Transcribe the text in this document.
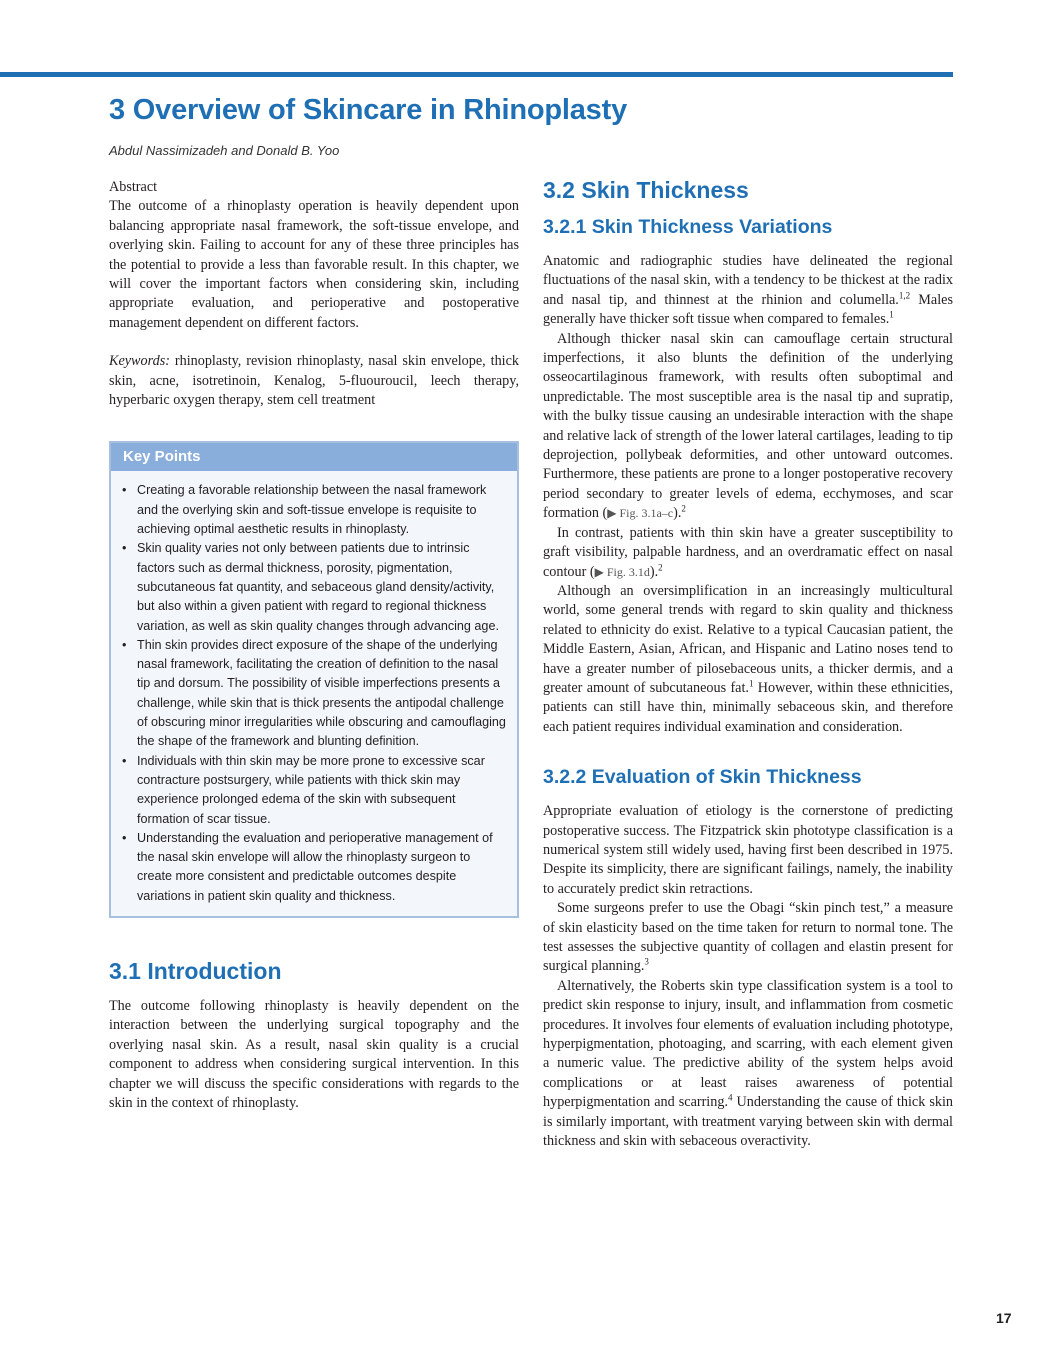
3 Overview of Skincare in Rhinoplasty
Abdul Nassimizadeh and Donald B. Yoo

Abstract

The outcome of a rhinoplasty operation is heavily dependent upon balancing appropriate nasal framework, the soft-tissue envelope, and overlying skin. Failing to account for any of these three principles has the potential to provide a less than favorable result. In this chapter, we will cover the important factors when considering skin, including appropriate evaluation, and perioperative and postoperative management dependent on different factors.

Keywords: rhinoplasty, revision rhinoplasty, nasal skin envelope, thick skin, acne, isotretinoin, Kenalog, 5-fluouroucil, leech therapy, hyperbaric oxygen therapy, stem cell treatment

Key Points
• Creating a favorable relationship between the nasal framework and the overlying skin and soft-tissue envelope is requisite to achieving optimal aesthetic results in rhinoplasty.
• Skin quality varies not only between patients due to intrinsic factors such as dermal thickness, porosity, pigmentation, subcutaneous fat quantity, and sebaceous gland density/activity, but also within a given patient with regard to regional thickness variation, as well as skin quality changes through advancing age.
• Thin skin provides direct exposure of the shape of the underlying nasal framework, facilitating the creation of definition to the nasal tip and dorsum. The possibility of visible imperfections presents a challenge, while skin that is thick presents the antipodal challenge of obscuring minor irregularities while obscuring and camouflaging the shape of the framework and blunting definition.
• Individuals with thin skin may be more prone to excessive scar contracture postsurgery, while patients with thick skin may experience prolonged edema of the skin with subsequent formation of scar tissue.
• Understanding the evaluation and perioperative management of the nasal skin envelope will allow the rhinoplasty surgeon to create more consistent and predictable outcomes despite variations in patient skin quality and thickness.
3.1 Introduction

The outcome following rhinoplasty is heavily dependent on the interaction between the underlying surgical topography and the overlying nasal skin. As a result, nasal skin quality is a crucial component to address when considering surgical intervention. In this chapter we will discuss the specific considerations with regards to the skin in the context of rhinoplasty.

3.2 Skin Thickness
3.2.1 Skin Thickness Variations

Anatomic and radiographic studies have delineated the regional fluctuations of the nasal skin, with a tendency to be thickest at the radix and nasal tip, and thinnest at the rhinion and columella.$^{1,2}$ Males generally have thicker soft tissue when compared to females.$^1$

Although thicker nasal skin can camouflage certain structural imperfections, it also blunts the definition of the underlying osseocartilaginous framework, with results often suboptimal and unpredictable. The most susceptible area is the nasal tip and supratip, with the bulky tissue causing an undesirable interaction with the shape and relative lack of strength of the lower lateral cartilages, leading to tip deprojection, pollybeak deformities, and other untoward outcomes. Furthermore, these patients are prone to a longer postoperative recovery period secondary to greater levels of edema, ecchymoses, and scar formation (▶ Fig. 3.1a–c).$^2$

In contrast, patients with thin skin have a greater susceptibility to graft visibility, palpable hardness, and an overdramatic effect on nasal contour (▶ Fig. 3.1d).$^2$

Although an oversimplification in an increasingly multicultural world, some general trends with regard to skin quality and thickness related to ethnicity do exist. Relative to a typical Caucasian patient, the Middle Eastern, Asian, African, and Hispanic and Latino noses tend to have a greater number of pilosebaceous units, a thicker dermis, and a greater amount of subcutaneous fat.$^1$ However, within these ethnicities, patients can still have thin, minimally sebaceous skin, and therefore each patient requires individual examination and consideration.

3.2.2 Evaluation of Skin Thickness

Appropriate evaluation of etiology is the cornerstone of predicting postoperative success. The Fitzpatrick skin phototype classification is a numerical system still widely used, having first been described in 1975. Despite its simplicity, there are significant failings, namely, the inability to accurately predict skin retractions.

Some surgeons prefer to use the Obagi “skin pinch test,” a measure of skin elasticity based on the time taken for return to normal tone. The test assesses the subjective quantity of collagen and elastin present for surgical planning.$^3$

Alternatively, the Roberts skin type classification system is a tool to predict skin response to injury, insult, and inflammation from cosmetic procedures. It involves four elements of evaluation including phototype, hyperpigmentation, photoaging, and scarring, with each element given a numeric value. The predictive ability of the system helps avoid complications or at least raises awareness of potential hyperpigmentation and scarring.$^4$ Understanding the cause of thick skin is similarly important, with treatment varying between skin with dermal thickness and skin with sebaceous overactivity.

17
